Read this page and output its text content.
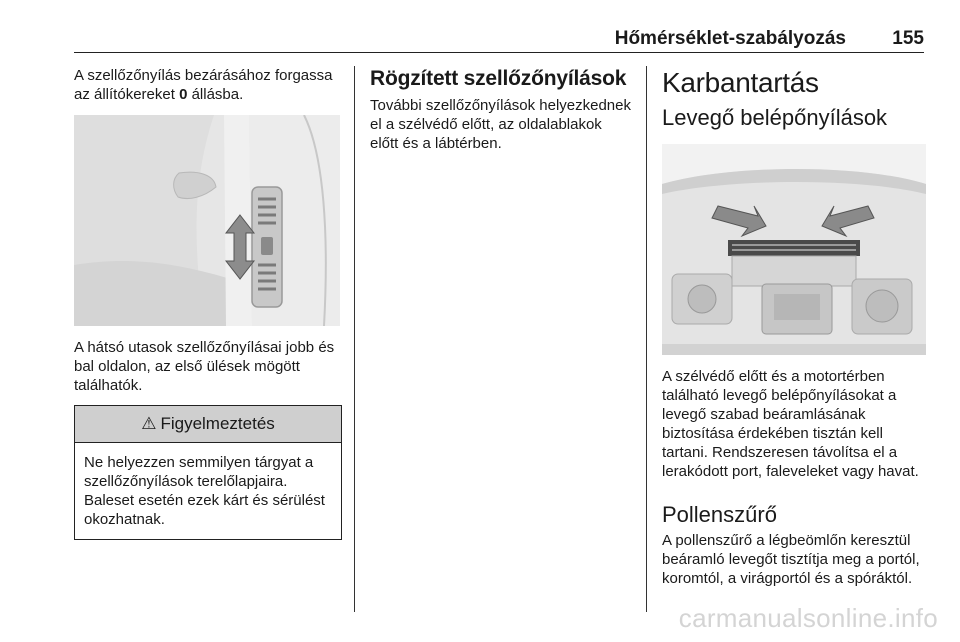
Hőmérséklet-szabályozás 155

A szellőzőnyílás bezárásához forgassa az állítókereket 0 állásba.

A hátsó utasok szellőzőnyílásai jobb és bal oldalon, az első ülések mögött találhatók.

⚠ Figyelmeztetés
Ne helyezzen semmilyen tárgyat a szellőzőnyílások terelőlapjaira. Baleset esetén ezek kárt és sérülést okozhatnak.
Rögzített szellőzőnyílások

További szellőzőnyílások helyezkednek el a szélvédő előtt, az oldalablakok előtt és a lábtérben.

Karbantartás
Levegő belépőnyílások

A szélvédő előtt és a motortérben található levegő belépőnyílásokat a levegő szabad beáramlásának biztosítása érdekében tisztán kell tartani. Rendszeresen távolítsa el a lerakódott port, faleveleket vagy havat.

Pollenszűrő

A pollenszűrő a légbeömlőn keresztül beáramló levegőt tisztítja meg a portól, koromtól, a virágportól és a spóráktól.

carmanualsonline.info
